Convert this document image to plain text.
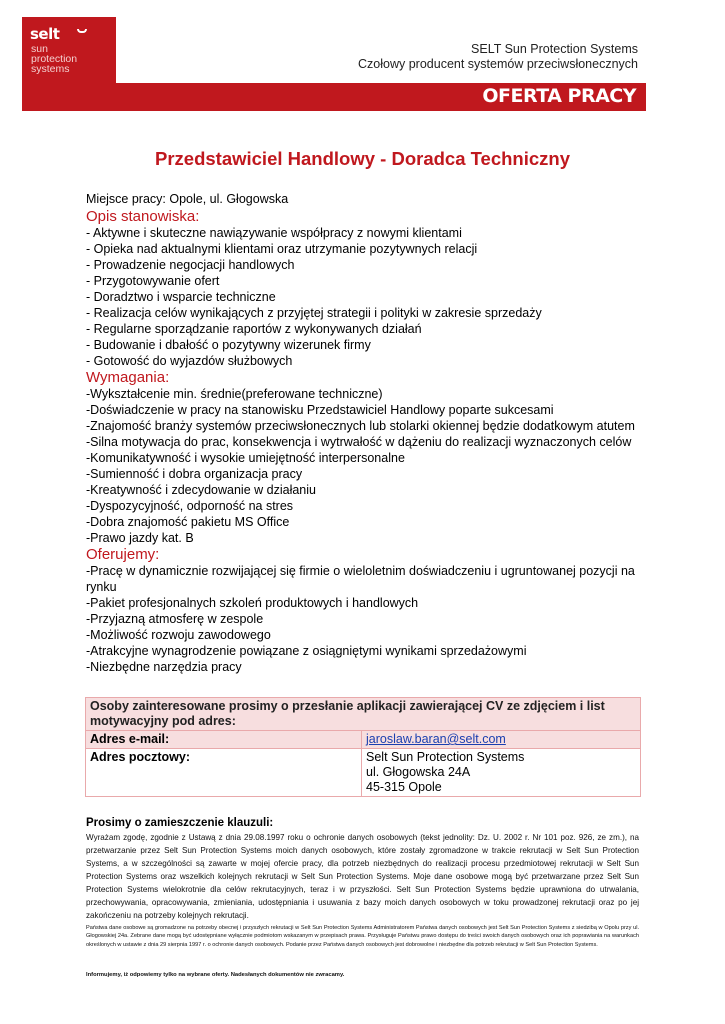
selt
sun
protection
systems
SELT Sun Protection Systems
Czołowy producent systemów przeciwsłonecznych
OFERTA PRACY
Przedstawiciel Handlowy - Doradca Techniczny
Miejsce pracy: Opole, ul. Głogowska
Opis stanowiska:
- Aktywne i skuteczne nawiązywanie współpracy z nowymi klientami
- Opieka nad aktualnymi klientami oraz utrzymanie pozytywnych relacji
- Prowadzenie negocjacji handlowych
- Przygotowywanie ofert
- Doradztwo i wsparcie techniczne
- Realizacja celów wynikających z przyjętej strategii i polityki w zakresie sprzedaży
- Regularne sporządzanie raportów z wykonywanych działań
- Budowanie i dbałość o pozytywny wizerunek firmy
- Gotowość do wyjazdów służbowych
Wymagania:
-Wykształcenie min. średnie(preferowane techniczne)
-Doświadczenie w pracy na stanowisku Przedstawiciel Handlowy poparte sukcesami
-Znajomość branży systemów przeciwsłonecznych lub stolarki okiennej będzie dodatkowym atutem
-Silna motywacja do prac, konsekwencja i wytrwałość w dążeniu do realizacji wyznaczonych celów
-Komunikatywność i wysokie umiejętność interpersonalne
-Sumienność i dobra organizacja pracy
-Kreatywność i zdecydowanie w działaniu
-Dyspozycyjność, odporność na stres
-Dobra znajomość pakietu MS Office
-Prawo jazdy kat. B
Oferujemy:
-Pracę w dynamicznie rozwijającej się firmie o wieloletnim doświadczeniu i ugruntowanej pozycji na rynku
-Pakiet profesjonalnych szkoleń produktowych i handlowych
-Przyjazną atmosferę w zespole
-Możliwość rozwoju zawodowego
-Atrakcyjne wynagrodzenie powiązane z osiągniętymi wynikami sprzedażowymi
-Niezbędne narzędzia pracy
Osoby zainteresowane prosimy o przesłanie aplikacji zawierającej CV ze zdjęciem i list motywacyjny pod adres:	
Adres e-mail:	jaroslaw.baran@selt.com
Adres pocztowy:	Selt Sun Protection Systems
ul. Głogowska 24A
45-315 Opole
Prosimy o zamieszczenie klauzuli:
Wyrażam zgodę, zgodnie z Ustawą z dnia 29.08.1997 roku o ochronie danych osobowych (tekst jednolity: Dz. U. 2002 r. Nr 101 poz. 926, ze zm.), na przetwarzanie przez Selt Sun Protection Systems moich danych osobowych, które zostały zgromadzone w trakcie rekrutacji w Selt Sun Protection Systems, a w szczególności są zawarte w mojej ofercie pracy, dla potrzeb niezbędnych do realizacji procesu przedmiotowej rekrutacji w Selt Sun Protection Systems oraz wszelkich kolejnych rekrutacji w Selt Sun Protection Systems. Moje dane osobowe mogą być przetwarzane przez Selt Sun Protection Systems wielokrotnie dla celów rekrutacyjnych, teraz i w przyszłości. Selt Sun Protection Systems będzie uprawniona do utrwalania, przechowywania, opracowywania, zmieniania, udostępniania i usuwania z bazy moich danych osobowych w toku prowadzonej rekrutacji oraz po jej zakończeniu na potrzeby kolejnych rekrutacji.
Państwa dane osobowe są gromadzone na potrzeby obecnej i przyszłych rekrutacji w Selt Sun Protection Systems Administratorem Państwa danych osobowych jest Selt Sun Protection Systems z siedzibą w Opolu przy ul. Głogowskiej 24a. Zebrane dane mogą być udostępniane wyłącznie podmiotom wskazanym w przepisach prawa. Przysługuje Państwu prawo dostępu do treści swoich danych osobowych oraz ich poprawiania na warunkach określonych w ustawie z dnia 29 sierpnia 1997 r. o ochronie danych osobowych. Podanie przez Państwa danych osobowych jest dobrowolne i niezbędne dla potrzeb rekrutacji w Selt Sun Protection Systems.
Informujemy, iż odpowiemy tylko na wybrane oferty. Nadesłanych dokumentów nie zwracamy.
